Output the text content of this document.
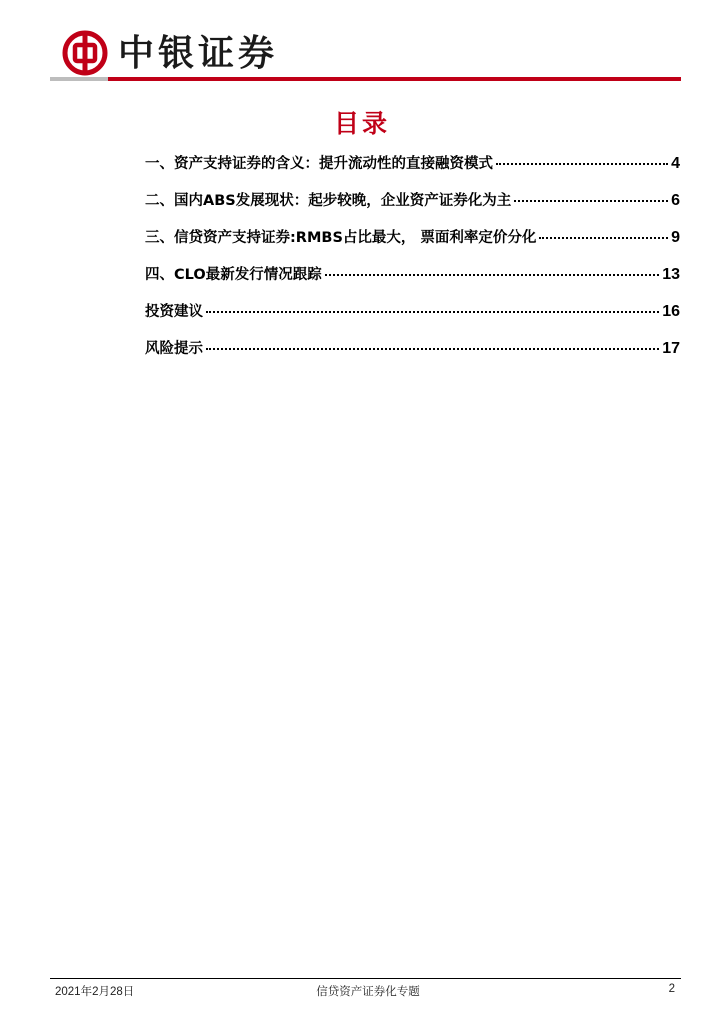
中银证券
目录
一、资产支持证券的含义：提升流动性的直接融资模式	4
二、国内ABS发展现状：起步较晚，企业资产证券化为主	6
三、信贷资产支持证券:RMBS占比最大， 票面利率定价分化	9
四、CLO最新发行情况跟踪	13
投资建议	16
风险提示	17
2021年2月28日	信贷资产证券化专题	2
